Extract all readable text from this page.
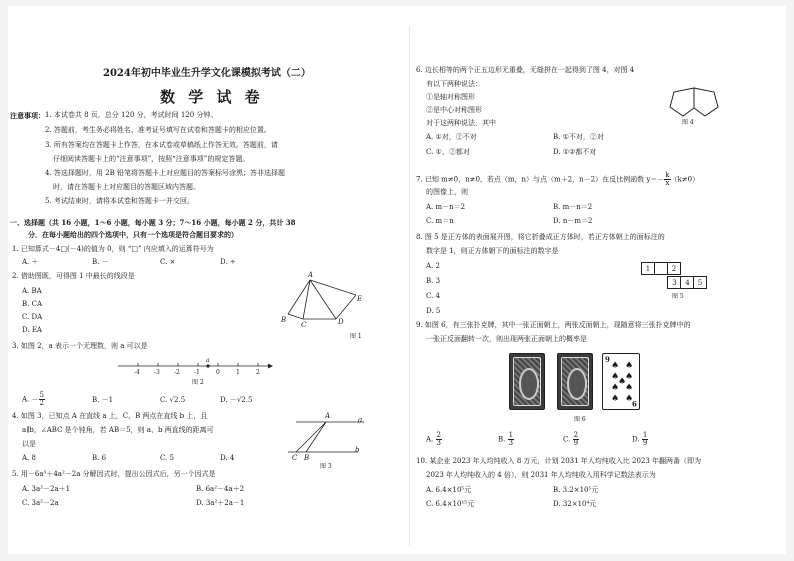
2024年初中毕业生升学文化课模拟考试（二）
数 学 试 卷
注意事项： 1. 本试卷共 8 页，总分 120 分，考试时间 120 分钟。
2. 答题前，考生务必将姓名、准考证号填写在试卷和答题卡的相应位置。
3. 所有答案均在答题卡上作答，在本试卷或草稿纸上作答无效。答题前，请
仔细阅读答题卡上的“注意事项”，按照“注意事项”的规定答题。
4. 答选择题时，用 2B 铅笔将答题卡上对应题目的答案标号涂黑；答非选择题
时，请在答题卡上对应题目的答题区域内答题。
5. 考试结束时，请将本试卷和答题卡一并交回。
一、选择题（共 16 小题，1～6 小题，每小题 3 分；7～16 小题，每小题 2 分，共计 38
分．在每小题给出的四个选项中，只有一个选项是符合题目要求的）
1. 已知算式－4□(－4)的值为 0，则 “□” 内应填入的运算符号为
A. ＋	B. －	C. ×	D. ÷
2. 借助图既，可得图 1 中最长的线段是
A. BA
B. CA
C. DA
D. EA
A
B
C	D
E
图 1
3. 如图 2，a 表示一个无理数，则 a 可以是
-4 -3 -2 -1	0	1	2
a
图 2
A. － $\frac{5}{2}$	B. －1	C. √2.5	D. －√2.5
4. 如图 3，已知点 A 在直线 a 上，C、B 两点在直线 b 上，且
a∥b，∠ABC 是个钝角，若 AB＝5，则 a、b 两直线的距离可
以是
A. 8	B. 6	C. 5	D. 4
A	a
b
C B
图 3
5. 用－6a³＋4a²－2a 分解因式时，提出公因式后，另一个因式是
A. 3a²－2a＋1	B. 6a²－4a＋2
C. 3a²－2a	D. 3a²＋2a－1
6. 边长相等的两个正五边形无重叠，无缝拼在一起得到了图 4，对图 4
有以下两种说法：
①是轴对称图形
②是中心对称图形
对于这两种说法，其中
A. ①对，②不对	B. ①不对，②对
C. ①、②都对	D. ①②都不对
图 4
7. 已知 m≠0，n≠0，若点（m，n）与点（m＋2，n－2）在反比例函数 $y=- \frac{k}{x} (k\ne 0)$
的图像上，则
A. m－n＝2	B. m－n＝2
C. m＝n	D. n－m＝2
8. 图 5 是正方体的表面展开图，将它折叠成正方体时，若正方体朝上的面标注的
数字是 1，则正方体朝下的面标注的数字是
A. 2
B. 3
C. 4
D. 5
1	2
3	4	5
图 5
9. 如图 6，有三张扑克牌，其中一张正面朝上，两张反面朝上，现随意将三张扑克牌中的
一张正反面翻转一次，则出现两张正面朝上的概率是
9
9
♠ ♠
♠ ♠
♠
♠ ♠
♠ ♠
图 6
A. $\frac{2}{3}$	B. $\frac{1}{3}$	C. $\frac{2}{9}$	D. $\frac{1}{9}$
10. 某企业 2023 年人均纯收入 8 万元，计划 2031 年人均纯收入比 2023 年翻两番（即为
2023 年人均纯收入的 4 倍），则 2031 年人均纯收入用科学记数法表示为
A. 6.4×10⁵元	B. 3.2×10⁵元
C. 6.4×10¹⁵元	D. 32×10⁴元
